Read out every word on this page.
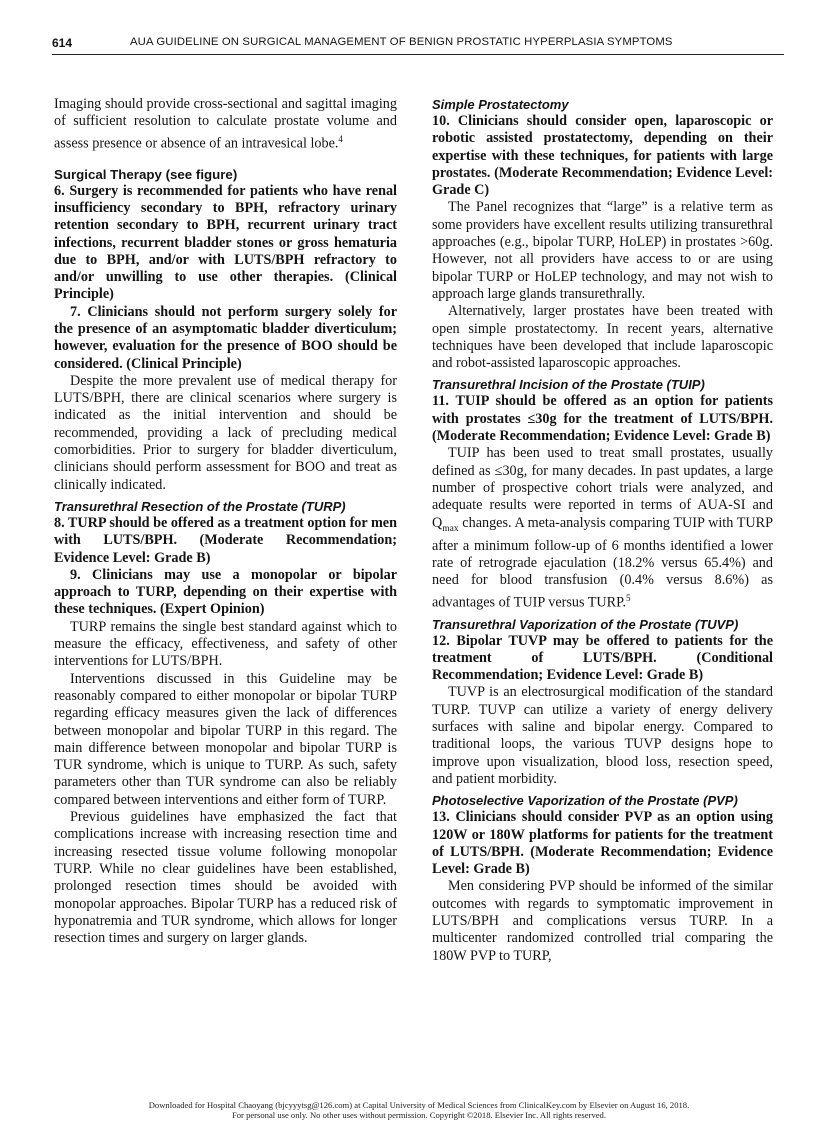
614	AUA GUIDELINE ON SURGICAL MANAGEMENT OF BENIGN PROSTATIC HYPERPLASIA SYMPTOMS

Imaging should provide cross-sectional and sagittal imaging of sufficient resolution to calculate prostate volume and assess presence or absence of an intravesical lobe.$^4$

Surgical Therapy (see figure)

6. Surgery is recommended for patients who have renal insufficiency secondary to BPH, refractory urinary retention secondary to BPH, recurrent urinary tract infections, recurrent bladder stones or gross hematuria due to BPH, and/or with LUTS/BPH refractory to and/or unwilling to use other therapies. (Clinical Principle)

7. Clinicians should not perform surgery solely for the presence of an asymptomatic bladder diverticulum; however, evaluation for the presence of BOO should be considered. (Clinical Principle)

Despite the more prevalent use of medical therapy for LUTS/BPH, there are clinical scenarios where surgery is indicated as the initial intervention and should be recommended, providing a lack of precluding medical comorbidities. Prior to surgery for bladder diverticulum, clinicians should perform assessment for BOO and treat as clinically indicated.

Transurethral Resection of the Prostate (TURP)

8. TURP should be offered as a treatment option for men with LUTS/BPH. (Moderate Recommendation; Evidence Level: Grade B)

9. Clinicians may use a monopolar or bipolar approach to TURP, depending on their expertise with these techniques. (Expert Opinion)

TURP remains the single best standard against which to measure the efficacy, effectiveness, and safety of other interventions for LUTS/BPH.

Interventions discussed in this Guideline may be reasonably compared to either monopolar or bipolar TURP regarding efficacy measures given the lack of differences between monopolar and bipolar TURP in this regard. The main difference between monopolar and bipolar TURP is TUR syndrome, which is unique to TURP. As such, safety parameters other than TUR syndrome can also be reliably compared between interventions and either form of TURP.

Previous guidelines have emphasized the fact that complications increase with increasing resection time and increasing resected tissue volume following monopolar TURP. While no clear guidelines have been established, prolonged resection times should be avoided with monopolar approaches. Bipolar TURP has a reduced risk of hyponatremia and TUR syndrome, which allows for longer resection times and surgery on larger glands.

Simple Prostatectomy

10. Clinicians should consider open, laparoscopic or robotic assisted prostatectomy, depending on their expertise with these techniques, for patients with large prostates. (Moderate Recommendation; Evidence Level: Grade C)

The Panel recognizes that “large” is a relative term as some providers have excellent results utilizing transurethral approaches (e.g., bipolar TURP, HoLEP) in prostates >60g. However, not all providers have access to or are using bipolar TURP or HoLEP technology, and may not wish to approach large glands transurethrally.

Alternatively, larger prostates have been treated with open simple prostatectomy. In recent years, alternative techniques have been developed that include laparoscopic and robot-assisted laparoscopic approaches.

Transurethral Incision of the Prostate (TUIP)

11. TUIP should be offered as an option for patients with prostates ≤30g for the treatment of LUTS/BPH. (Moderate Recommendation; Evidence Level: Grade B)

TUIP has been used to treat small prostates, usually defined as ≤30g, for many decades. In past updates, a large number of prospective cohort trials were analyzed, and adequate results were reported in terms of AUA-SI and $Q_{max}$ changes. A meta-analysis comparing TUIP with TURP after a minimum follow-up of 6 months identified a lower rate of retrograde ejaculation (18.2% versus 65.4%) and need for blood transfusion (0.4% versus 8.6%) as advantages of TUIP versus TURP.$^5$

Transurethral Vaporization of the Prostate (TUVP)

12. Bipolar TUVP may be offered to patients for the treatment of LUTS/BPH. (Conditional Recommendation; Evidence Level: Grade B)

TUVP is an electrosurgical modification of the standard TURP. TUVP can utilize a variety of energy delivery surfaces with saline and bipolar energy. Compared to traditional loops, the various TUVP designs hope to improve upon visualization, blood loss, resection speed, and patient morbidity.

Photoselective Vaporization of the Prostate (PVP)

13. Clinicians should consider PVP as an option using 120W or 180W platforms for patients for the treatment of LUTS/BPH. (Moderate Recommendation; Evidence Level: Grade B)

Men considering PVP should be informed of the similar outcomes with regards to symptomatic improvement in LUTS/BPH and complications versus TURP. In a multicenter randomized controlled trial comparing the 180W PVP to TURP,

Downloaded for Hospital Chaoyang (bjcyyytsg@126.com) at Capital University of Medical Sciences from ClinicalKey.com by Elsevier on August 16, 2018.
For personal use only. No other uses without permission. Copyright ©2018. Elsevier Inc. All rights reserved.
